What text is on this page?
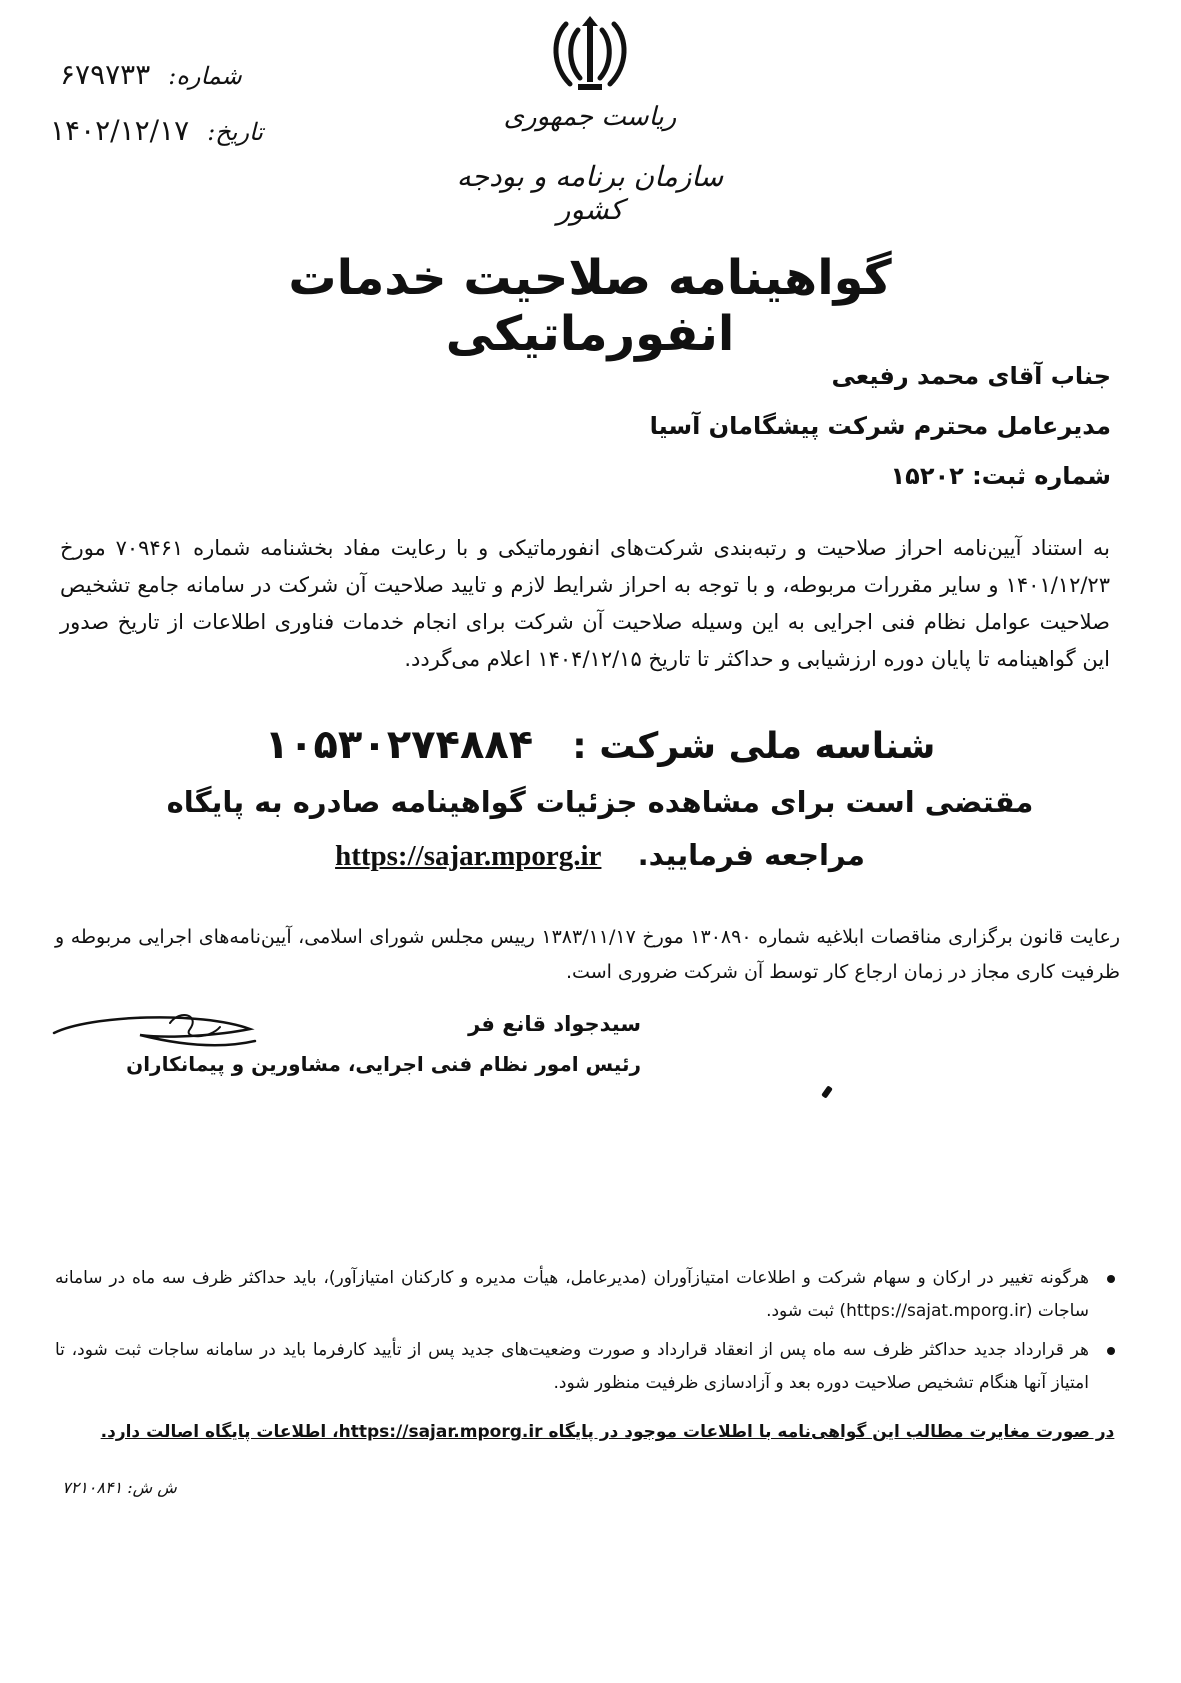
شماره:
۶۷۹۷۳۳
تاریخ:
۱۴۰۲/۱۲/۱۷	ریاست جمهوری
سازمان برنامه و بودجه کشور
گواهینامه صلاحیت خدمات انفورماتیکی
جناب آقای محمد رفیعی
مدیرعامل محترم شرکت پیشگامان آسیا
شماره ثبت: ۱۵۲۰۲
به استناد آیین‌نامه احراز صلاحیت و رتبه‌بندی شرکت‌های انفورماتیکی و با رعایت مفاد بخشنامه شماره ۷۰۹۴۶۱ مورخ ۱۴۰۱/۱۲/۲۳ و سایر مقررات مربوطه، و با توجه به احراز شرایط لازم و تایید صلاحیت آن شرکت در سامانه جامع تشخیص صلاحیت عوامل نظام فنی اجرایی به این وسیله صلاحیت آن شرکت برای انجام خدمات فناوری اطلاعات از تاریخ صدور این گواهینامه تا پایان دوره ارزشیابی و حداکثر تا تاریخ ۱۴۰۴/۱۲/۱۵ اعلام می‌گردد.
شناسه ملی شرکت :  ۱۰۵۳۰۲۷۴۸۸۴
مقتضی است برای مشاهده جزئیات گواهینامه صادره به پایگاه
مراجعه فرمایید.  https://sajar.mporg.ir
رعایت قانون برگزاری مناقصات ابلاغیه شماره ۱۳۰۸۹۰ مورخ ۱۳۸۳/۱۱/۱۷ رییس مجلس شورای اسلامی، آیین‌نامه‌های اجرایی مربوطه و ظرفیت کاری مجاز در زمان ارجاع کار توسط آن شرکت ضروری است.
سیدجواد قانع فر
رئیس امور نظام فنی اجرایی، مشاورین و پیمانکاران
هرگونه تغییر در ارکان و سهام شرکت و اطلاعات امتیازآوران (مدیرعامل، هیأت مدیره و کارکنان امتیازآور)، باید حداکثر ظرف سه ماه در سامانه ساجات (https://sajat.mporg.ir) ثبت شود.
هر قرارداد جدید حداکثر ظرف سه ماه پس از انعقاد قرارداد و صورت وضعیت‌های جدید پس از تأیید کارفرما باید در سامانه ساجات ثبت شود، تا امتیاز آنها هنگام تشخیص صلاحیت دوره بعد و آزادسازی ظرفیت منظور شود.
در صورت مغایرت مطالب این گواهی‌نامه با اطلاعات موجود در پایگاه https://sajar.mporg.ir، اطلاعات پایگاه اصالت دارد.
ش ش: ۷۲۱۰۸۴۱
